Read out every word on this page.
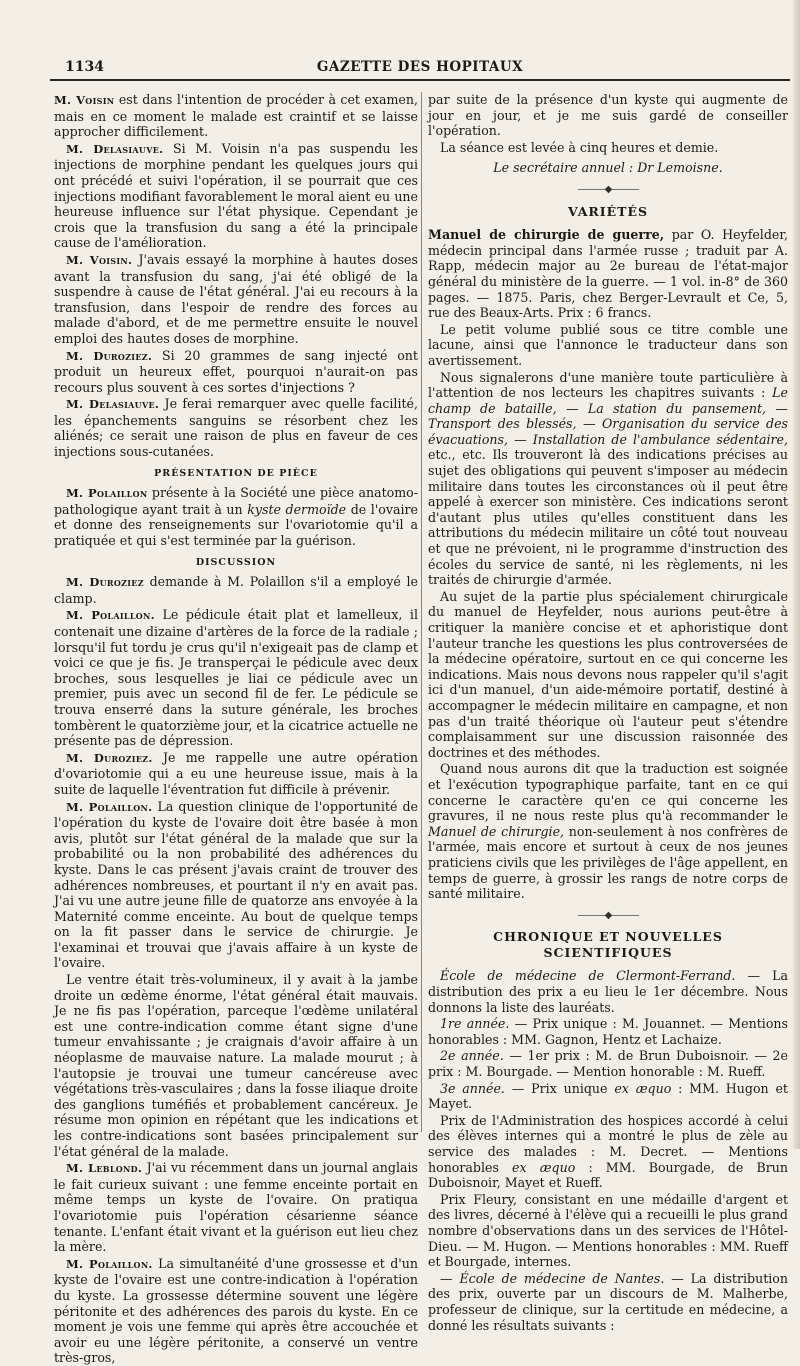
1134	GAZETTE DES HOPITAUX

M. Voisin est dans l'intention de procéder à cet examen, mais en ce moment le malade est craintif et se laisse approcher difficilement.

M. Delasiauve. Si M. Voisin n'a pas suspendu les injections de morphine pendant les quelques jours qui ont précédé et suivi l'opération, il se pourrait que ces injections modifiant favorablement le moral aient eu une heureuse influence sur l'état physique. Cependant je crois que la transfusion du sang a été la principale cause de l'amélioration.

M. Voisin. J'avais essayé la morphine à hautes doses avant la transfusion du sang, j'ai été obligé de la suspendre à cause de l'état général. J'ai eu recours à la transfusion, dans l'espoir de rendre des forces au malade d'abord, et de me permettre ensuite le nouvel emploi des hautes doses de morphine.

M. Duroziez. Si 20 grammes de sang injecté ont produit un heureux effet, pourquoi n'aurait-on pas recours plus souvent à ces sortes d'injections ?

M. Delasiauve. Je ferai remarquer avec quelle facilité, les épanchements sanguins se résorbent chez les aliénés; ce serait une raison de plus en faveur de ces injections sous-cutanées.

PRÉSENTATION DE PIÈCE

M. Polaillon présente à la Société une pièce anatomo-pathologique ayant trait à un kyste dermoïde de l'ovaire et donne des renseignements sur l'ovariotomie qu'il a pratiquée et qui s'est terminée par la guérison.

DISCUSSION

M. Duroziez demande à M. Polaillon s'il a employé le clamp.

M. Polaillon. Le pédicule était plat et lamelleux, il contenait une dizaine d'artères de la force de la radiale ; lorsqu'il fut tordu je crus qu'il n'exigeait pas de clamp et voici ce que je fis. Je transperçai le pédicule avec deux broches, sous lesquelles je liai ce pédicule avec un premier, puis avec un second fil de fer. Le pédicule se trouva enserré dans la suture générale, les broches tombèrent le quatorzième jour, et la cicatrice actuelle ne présente pas de dépression.

M. Duroziez. Je me rappelle une autre opération d'ovariotomie qui a eu une heureuse issue, mais à la suite de laquelle l'éventration fut difficile à prévenir.

M. Polaillon. La question clinique de l'opportunité de l'opération du kyste de l'ovaire doit être basée à mon avis, plutôt sur l'état général de la malade que sur la probabilité ou la non probabilité des adhérences du kyste. Dans le cas présent j'avais craint de trouver des adhérences nombreuses, et pourtant il n'y en avait pas. J'ai vu une autre jeune fille de quatorze ans envoyée à la Maternité comme enceinte. Au bout de quelque temps on la fit passer dans le service de chirurgie. Je l'examinai et trouvai que j'avais affaire à un kyste de l'ovaire.

Le ventre était très-volumineux, il y avait à la jambe droite un œdème énorme, l'état général était mauvais. Je ne fis pas l'opération, parceque l'œdème unilatéral est une contre-indication comme étant signe d'une tumeur envahissante ; je craignais d'avoir affaire à un néoplasme de mauvaise nature. La malade mourut ; à l'autopsie je trouvai une tumeur cancéreuse avec végétations très-vasculaires ; dans la fosse iliaque droite des ganglions tuméfiés et probablement cancéreux. Je résume mon opinion en répétant que les indications et les contre-indications sont basées principalement sur l'état général de la malade.

M. Leblond. J'ai vu récemment dans un journal anglais le fait curieux suivant : une femme enceinte portait en même temps un kyste de l'ovaire. On pratiqua l'ovariotomie puis l'opération césarienne séance tenante. L'enfant était vivant et la guérison eut lieu chez la mère.

M. Polaillon. La simultanéité d'une grossesse et d'un kyste de l'ovaire est une contre-indication à l'opération du kyste. La grossesse détermine souvent une légère péritonite et des adhérences des parois du kyste. En ce moment je vois une femme qui après être accouchée et avoir eu une légère péritonite, a conservé un ventre très-gros,

par suite de la présence d'un kyste qui augmente de jour en jour, et je me suis gardé de conseiller l'opération.

La séance est levée à cinq heures et demie.

Le secrétaire annuel : Dr Lemoisne.

———◆———
VARIÉTÉS

Manuel de chirurgie de guerre, par O. Heyfelder, médecin principal dans l'armée russe ; traduit par A. Rapp, médecin major au 2e bureau de l'état-major général du ministère de la guerre. — 1 vol. in-8° de 360 pages. — 1875. Paris, chez Berger-Levrault et Ce, 5, rue des Beaux-Arts. Prix : 6 francs.

Le petit volume publié sous ce titre comble une lacune, ainsi que l'annonce le traducteur dans son avertissement.

Nous signalerons d'une manière toute particulière à l'attention de nos lecteurs les chapitres suivants : Le champ de bataille, — La station du pansement, — Transport des blessés, — Organisation du service des évacuations, — Installation de l'ambulance sédentaire, etc., etc. Ils trouveront là des indications précises au sujet des obligations qui peuvent s'imposer au médecin militaire dans toutes les circonstances où il peut être appelé à exercer son ministère. Ces indications seront d'autant plus utiles qu'elles constituent dans les attributions du médecin militaire un côté tout nouveau et que ne prévoient, ni le programme d'instruction des écoles du service de santé, ni les règlements, ni les traités de chirurgie d'armée.

Au sujet de la partie plus spécialement chirurgicale du manuel de Heyfelder, nous aurions peut-être à critiquer la manière concise et et aphoristique dont l'auteur tranche les questions les plus controversées de la médecine opératoire, surtout en ce qui concerne les indications. Mais nous devons nous rappeler qu'il s'agit ici d'un manuel, d'un aide-mémoire portatif, destiné à accompagner le médecin militaire en campagne, et non pas d'un traité théorique où l'auteur peut s'étendre complaisamment sur une discussion raisonnée des doctrines et des méthodes.

Quand nous aurons dit que la traduction est soignée et l'exécution typographique parfaite, tant en ce qui concerne le caractère qu'en ce qui concerne les gravures, il ne nous reste plus qu'à recommander le Manuel de chirurgie, non-seulement à nos confrères de l'armée, mais encore et surtout à ceux de nos jeunes praticiens civils que les privilèges de l'âge appellent, en temps de guerre, à grossir les rangs de notre corps de santé militaire.

———◆———
CHRONIQUE ET NOUVELLES SCIENTIFIQUES

École de médecine de Clermont-Ferrand. — La distribution des prix a eu lieu le 1er décembre. Nous donnons la liste des lauréats.

1re année. — Prix unique : M. Jouannet. — Mentions honorables : MM. Gagnon, Hentz et Lachaize.

2e année. — 1er prix : M. de Brun Duboisnoir. — 2e prix : M. Bourgade. — Mention honorable : M. Rueff.

3e année. — Prix unique ex æquo : MM. Hugon et Mayet.

Prix de l'Administration des hospices accordé à celui des élèves internes qui a montré le plus de zèle au service des malades : M. Decret. — Mentions honorables ex æquo : MM. Bourgade, de Brun Duboisnoir, Mayet et Rueff.

Prix Fleury, consistant en une médaille d'argent et des livres, décerné à l'élève qui a recueilli le plus grand nombre d'observations dans un des services de l'Hôtel-Dieu. — M. Hugon. — Mentions honorables : MM. Rueff et Bourgade, internes.

— École de médecine de Nantes. — La distribution des prix, ouverte par un discours de M. Malherbe, professeur de clinique, sur la certitude en médecine, a donné les résultats suivants :
